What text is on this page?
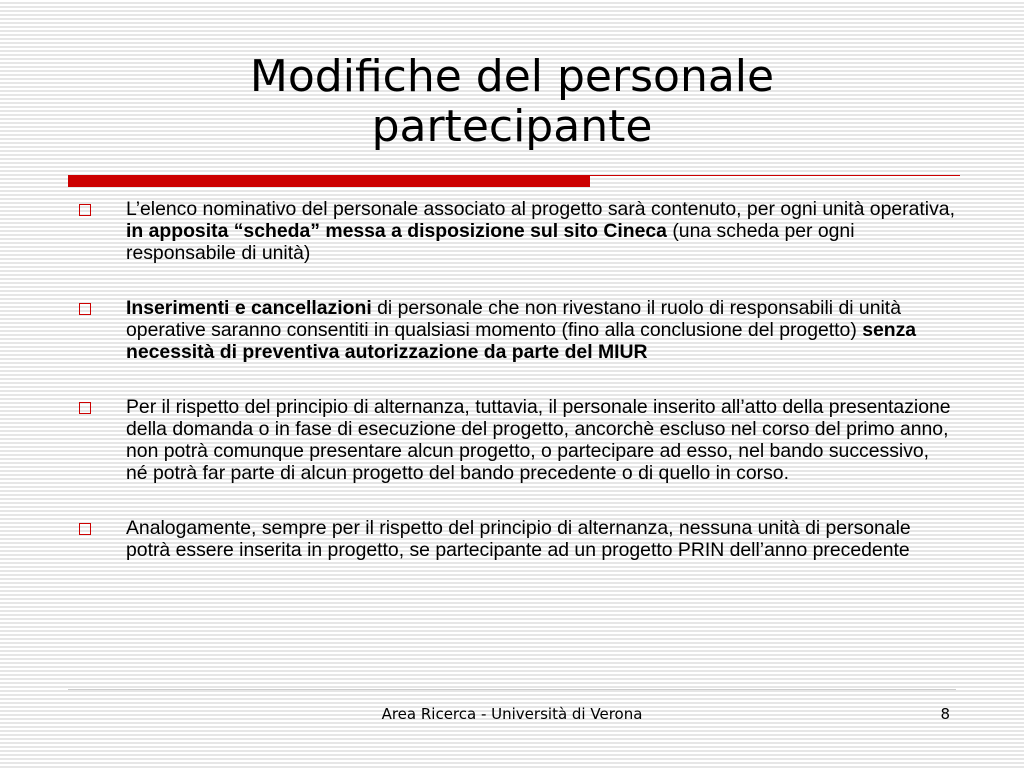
Modifiche del personale
partecipante
L’elenco nominativo del personale associato al progetto sarà contenuto, per ogni unità operativa, in apposita “scheda” messa a disposizione sul sito Cineca (una scheda per ogni responsabile di unità)
Inserimenti e cancellazioni di personale che non rivestano il ruolo di responsabili di unità operative saranno consentiti in qualsiasi momento (fino alla conclusione del progetto) senza necessità di preventiva autorizzazione da parte del MIUR
Per il rispetto del principio di alternanza, tuttavia, il personale inserito all’atto della presentazione della domanda o in fase di esecuzione del progetto, ancorchè escluso nel corso del primo anno, non potrà comunque presentare alcun progetto, o partecipare ad esso, nel bando successivo, né potrà far parte di alcun progetto del bando precedente o di quello in corso.
Analogamente, sempre per il rispetto del principio di alternanza, nessuna unità di personale potrà essere inserita in progetto, se partecipante ad un progetto PRIN dell’anno precedente
Area Ricerca - Università di Verona	8
